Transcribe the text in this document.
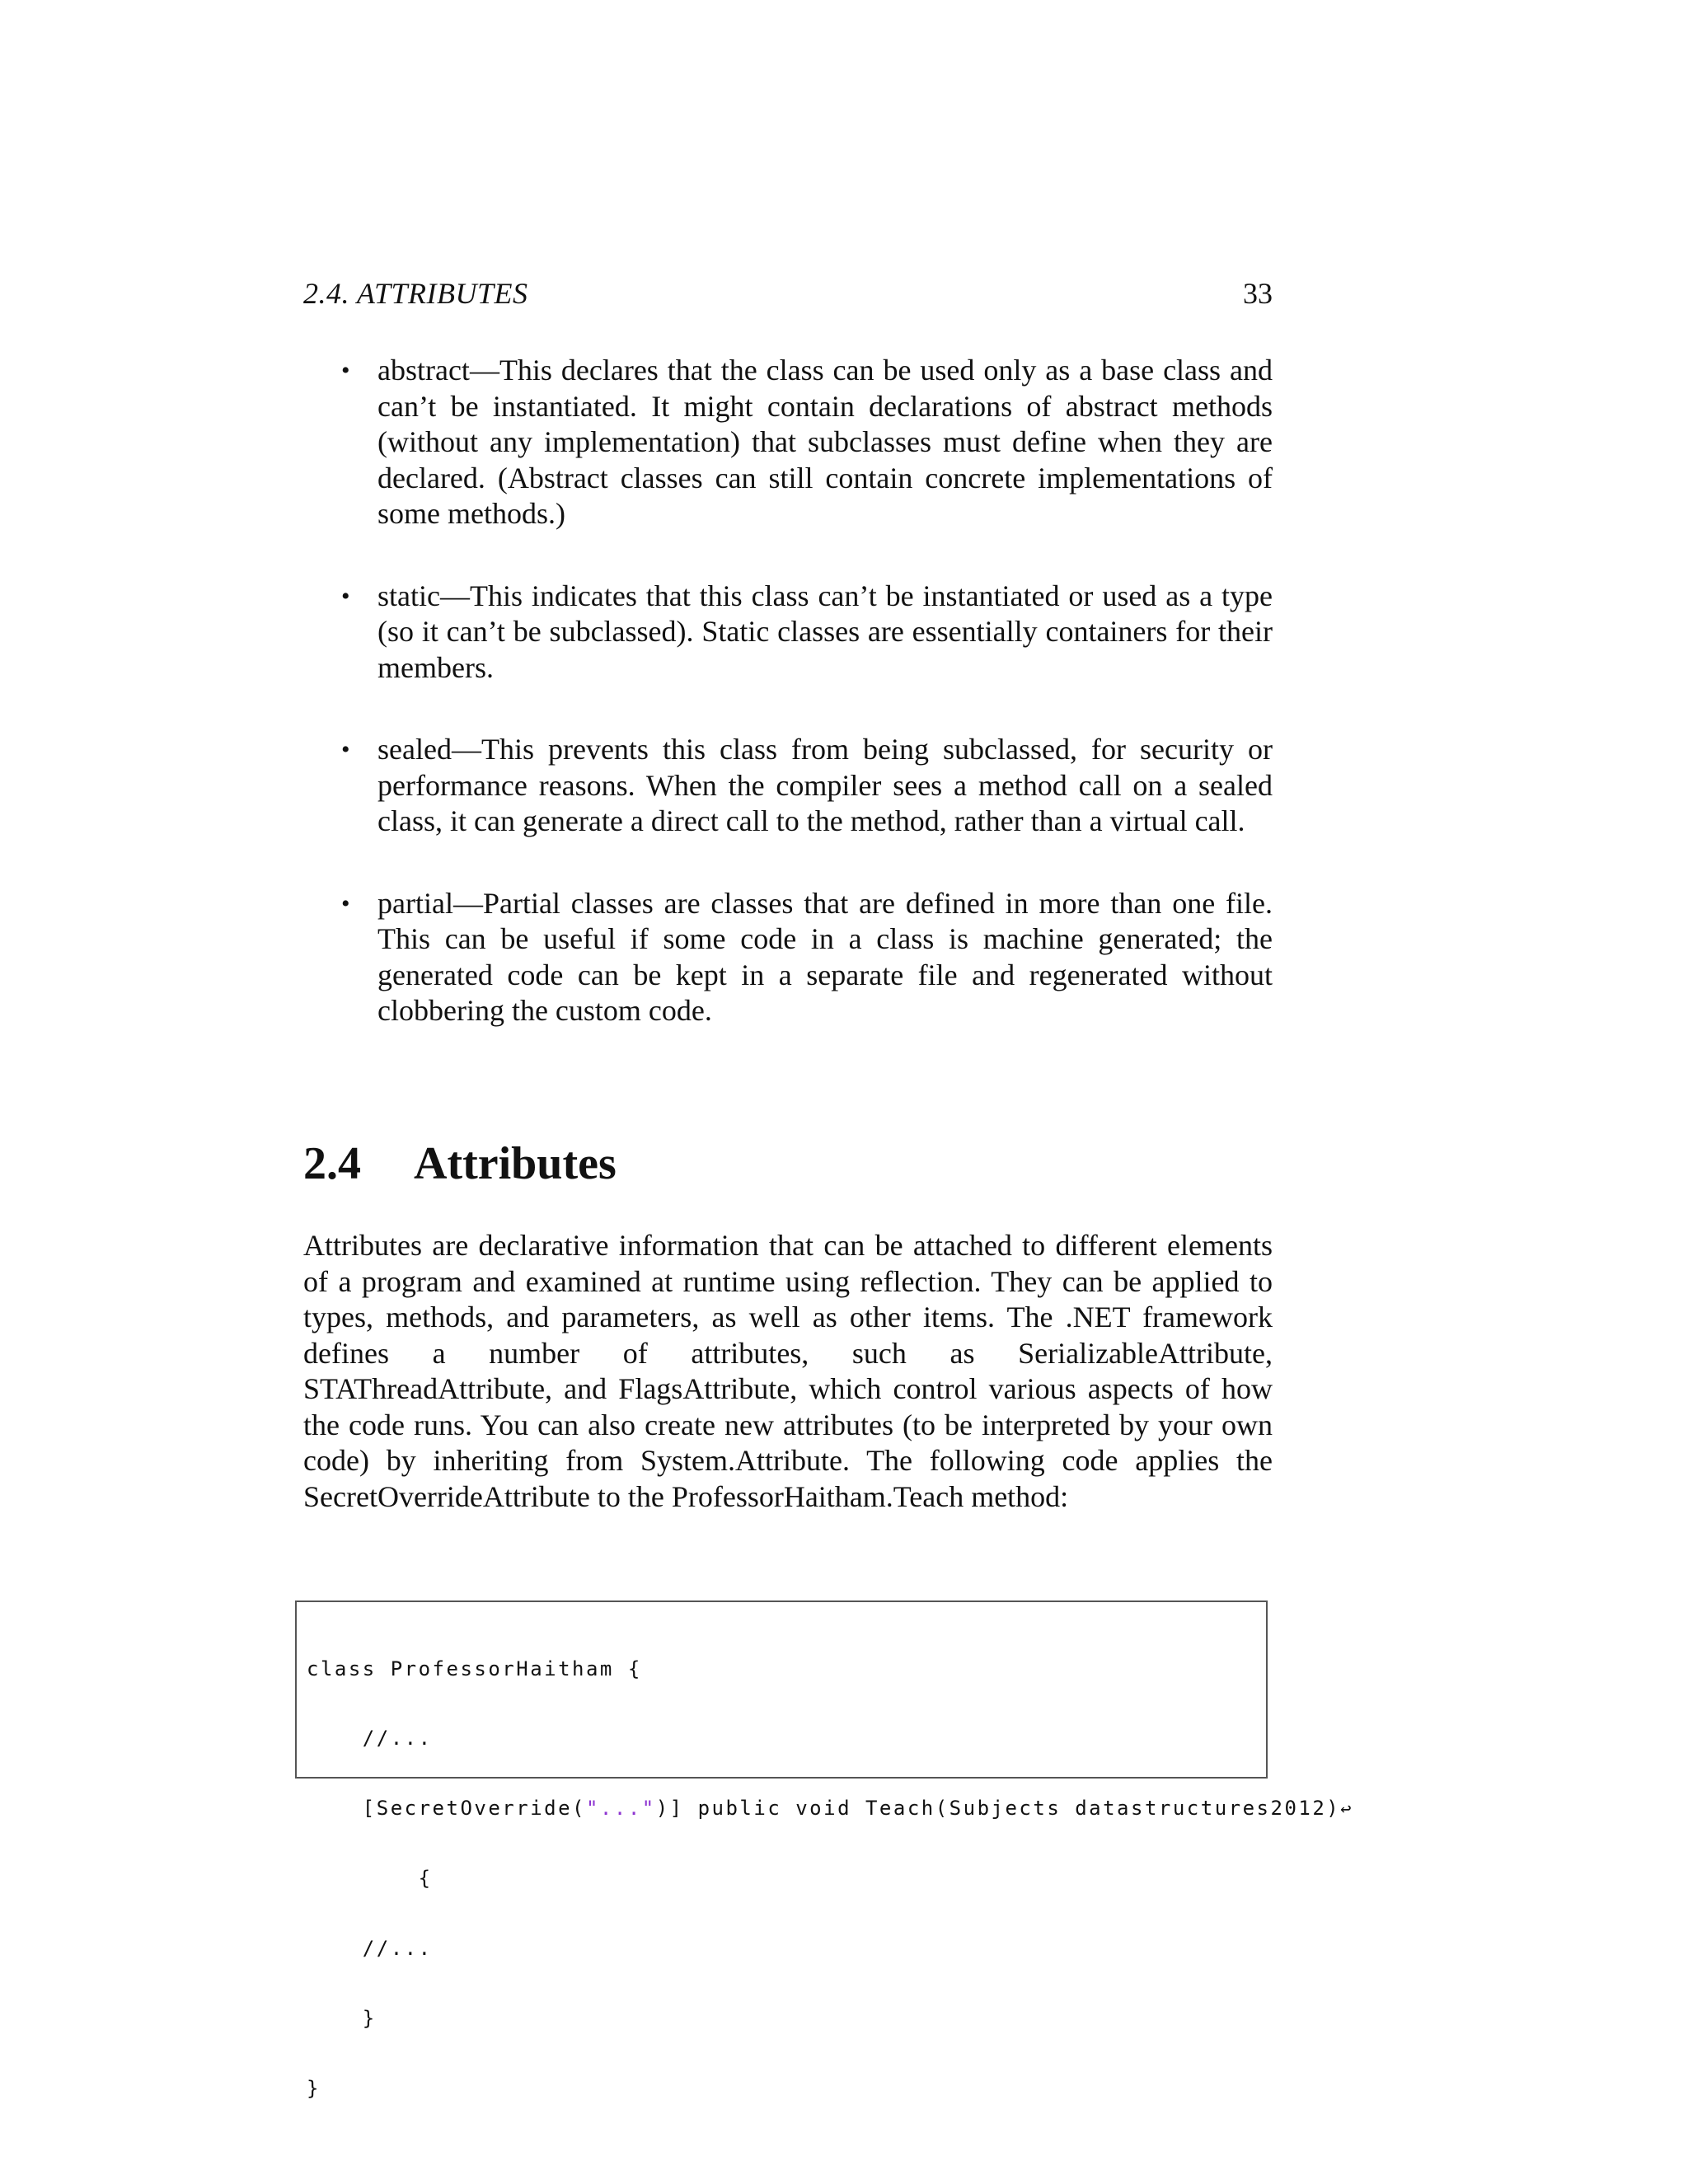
2.4. ATTRIBUTES	33
• abstract—This declares that the class can be used only as a base class and can’t be instantiated. It might contain declarations of abstract methods (without any implementation) that subclasses must define when they are declared. (Abstract classes can still contain concrete implementations of some methods.)
• static—This indicates that this class can’t be instantiated or used as a type (so it can’t be subclassed). Static classes are essentially containers for their members.
• sealed—This prevents this class from being subclassed, for security or performance reasons. When the compiler sees a method call on a sealed class, it can generate a direct call to the method, rather than a virtual call.
• partial—Partial classes are classes that are defined in more than one file. This can be useful if some code in a class is machine generated; the generated code can be kept in a separate file and regenerated without clobbering the custom code.
2.4 Attributes

Attributes are declarative information that can be attached to different elements of a program and examined at runtime using reflection. They can be applied to types, methods, and parameters, as well as other items. The .NET framework defines a number of attributes, such as SerializableAttribute, STAThreadAttribute, and FlagsAttribute, which control various aspects of how the code runs. You can also create new attributes (to be interpreted by your own code) by inheriting from System.Attribute. The following code applies the SecretOverrideAttribute to the ProfessorHaitham.Teach method:

class ProfessorHaitham {

//...

[SecretOverride("...")] public void Teach(Subjects datastructures2012)↩

{

//...

}

}
